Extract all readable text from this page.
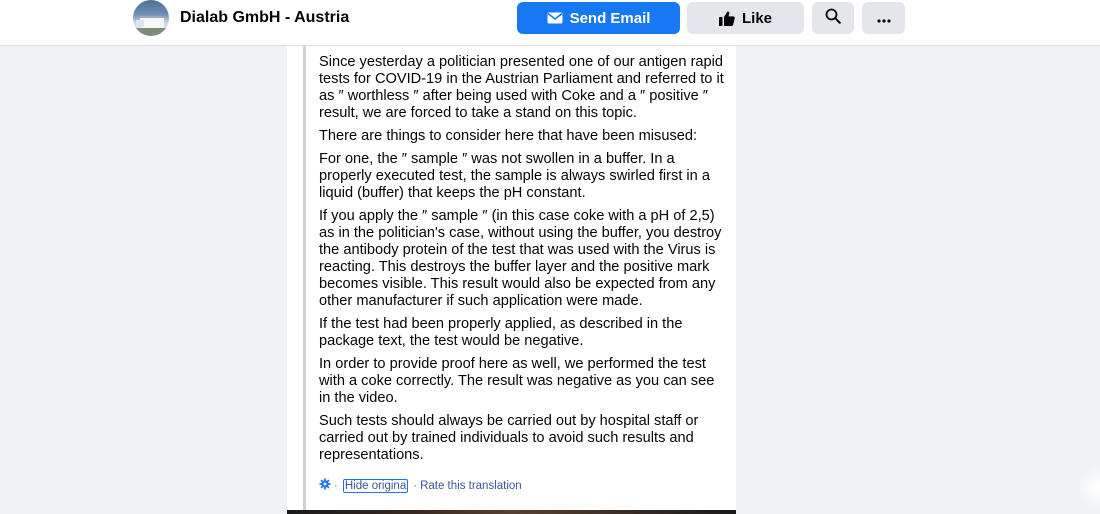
Dialab GmbH - Austria	Send Email	Like

Since yesterday a politician presented one of our antigen rapid tests for COVID-19 in the Austrian Parliament and referred to it as ″ worthless ″ after being used with Coke and a ″ positive ″ result, we are forced to take a stand on this topic.

There are things to consider here that have been misused:

For one, the ″ sample ″ was not swollen in a buffer. In a properly executed test, the sample is always swirled first in a liquid (buffer) that keeps the pH constant.

If you apply the ″ sample ″ (in this case coke with a pH of 2,5) as in the politician's case, without using the buffer, you destroy the antibody protein of the test that was used with the Virus is reacting. This destroys the buffer layer and the positive mark becomes visible. This result would also be expected from any other manufacturer if such application were made.

If the test had been properly applied, as described in the package text, the test would be negative.

In order to provide proof here as well, we performed the test with a coke correctly. The result was negative as you can see in the video.

Such tests should always be carried out by hospital staff or carried out by trained individuals to avoid such results and representations.

· Hide origina · Rate this translation
